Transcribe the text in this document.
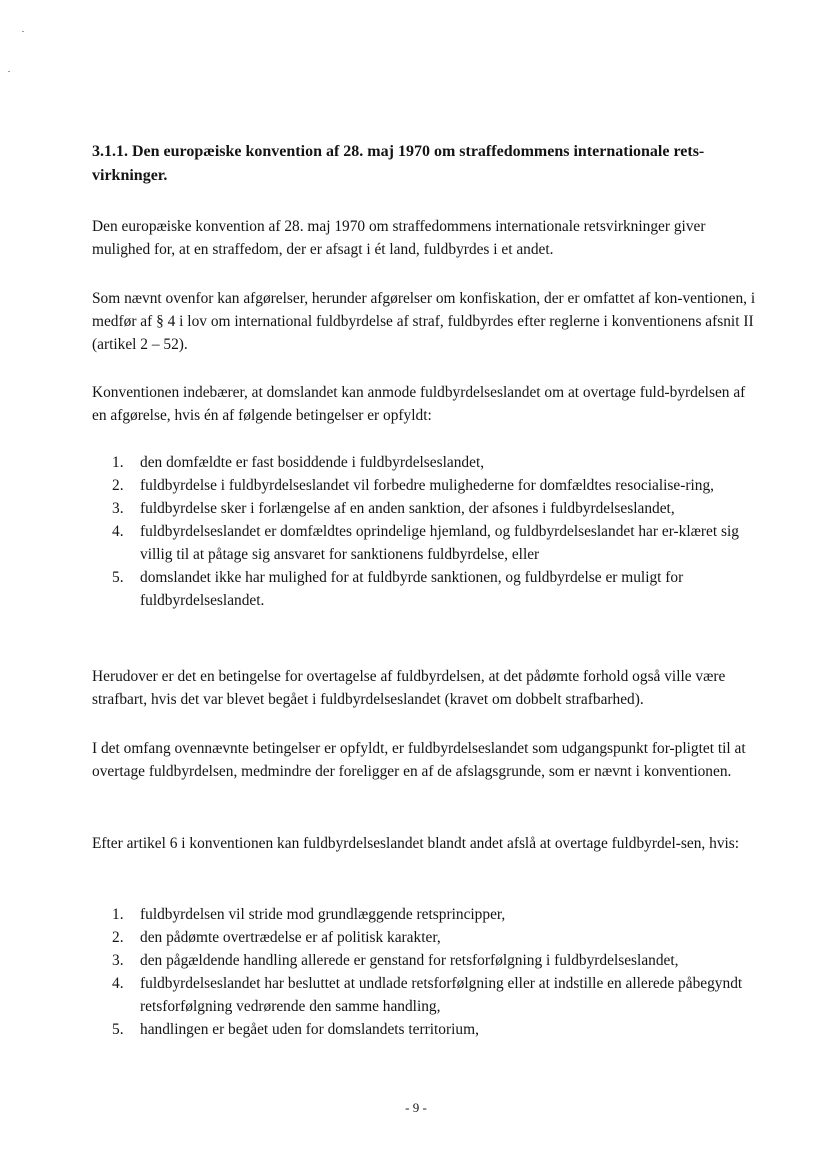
3.1.1. Den europæiske konvention af 28. maj 1970 om straffedommens internationale rets-virkninger.

Den europæiske konvention af 28. maj 1970 om straffedommens internationale retsvirkninger giver mulighed for, at en straffedom, der er afsagt i ét land, fuldbyrdes i et andet.

Som nævnt ovenfor kan afgørelser, herunder afgørelser om konfiskation, der er omfattet af kon-ventionen, i medfør af § 4 i lov om international fuldbyrdelse af straf, fuldbyrdes efter reglerne i konventionens afsnit II (artikel 2 – 52).

Konventionen indebærer, at domslandet kan anmode fuldbyrdelseslandet om at overtage fuld-byrdelsen af en afgørelse, hvis én af følgende betingelser er opfyldt:

1. den domfældte er fast bosiddende i fuldbyrdelseslandet,
2. fuldbyrdelse i fuldbyrdelseslandet vil forbedre mulighederne for domfældtes resocialise-ring,
3. fuldbyrdelse sker i forlængelse af en anden sanktion, der afsones i fuldbyrdelseslandet,
4. fuldbyrdelseslandet er domfældtes oprindelige hjemland, og fuldbyrdelseslandet har er-klæret sig villig til at påtage sig ansvaret for sanktionens fuldbyrdelse, eller
5. domslandet ikke har mulighed for at fuldbyrde sanktionen, og fuldbyrdelse er muligt for fuldbyrdelseslandet.

Herudover er det en betingelse for overtagelse af fuldbyrdelsen, at det pådømte forhold også ville være strafbart, hvis det var blevet begået i fuldbyrdelseslandet (kravet om dobbelt strafbarhed).

I det omfang ovennævnte betingelser er opfyldt, er fuldbyrdelseslandet som udgangspunkt for-pligtet til at overtage fuldbyrdelsen, medmindre der foreligger en af de afslagsgrunde, som er nævnt i konventionen.

Efter artikel 6 i konventionen kan fuldbyrdelseslandet blandt andet afslå at overtage fuldbyrdel-sen, hvis:

1. fuldbyrdelsen vil stride mod grundlæggende retsprincipper,
2. den pådømte overtrædelse er af politisk karakter,
3. den pågældende handling allerede er genstand for retsforfølgning i fuldbyrdelseslandet,
4. fuldbyrdelseslandet har besluttet at undlade retsforfølgning eller at indstille en allerede påbegyndt retsforfølgning vedrørende den samme handling,
5. handlingen er begået uden for domslandets territorium,
- 9 -
